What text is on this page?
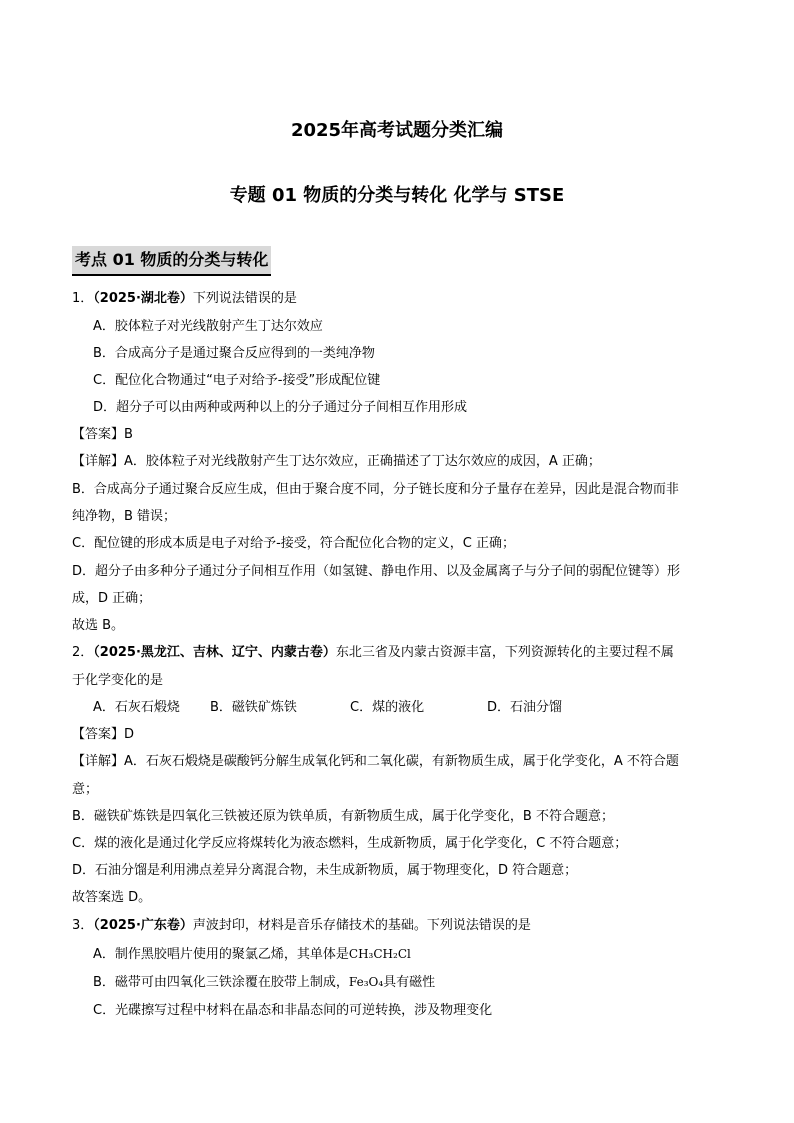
2025年高考试题分类汇编
专题 01 物质的分类与转化 化学与 STSE
考点 01 物质的分类与转化
1．（2025·湖北卷）下列说法错误的是
A．胶体粒子对光线散射产生丁达尔效应
B．合成高分子是通过聚合反应得到的一类纯净物
C．配位化合物通过“电子对给予-接受”形成配位键
D．超分子可以由两种或两种以上的分子通过分子间相互作用形成
【答案】B
【详解】A．胶体粒子对光线散射产生丁达尔效应，正确描述了丁达尔效应的成因，A 正确；
B．合成高分子通过聚合反应生成，但由于聚合度不同，分子链长度和分子量存在差异，因此是混合物而非
纯净物，B 错误；
C．配位键的形成本质是电子对给予-接受，符合配位化合物的定义，C 正确；
D．超分子由多种分子通过分子间相互作用（如氢键、静电作用、以及金属离子与分子间的弱配位键等）形
成，D 正确；
故选 B。
2．（2025·黑龙江、吉林、辽宁、内蒙古卷）东北三省及内蒙古资源丰富，下列资源转化的主要过程不属
于化学变化的是
A．石灰石煅烧 B．磁铁矿炼铁	C．煤的液化	D．石油分馏
【答案】D
【详解】A．石灰石煅烧是碳酸钙分解生成氧化钙和二氧化碳，有新物质生成，属于化学变化，A 不符合题
意；
B．磁铁矿炼铁是四氧化三铁被还原为铁单质，有新物质生成，属于化学变化，B 不符合题意；
C．煤的液化是通过化学反应将煤转化为液态燃料，生成新物质，属于化学变化，C 不符合题意；
D．石油分馏是利用沸点差异分离混合物，未生成新物质，属于物理变化，D 符合题意；
故答案选 D。
3．（2025·广东卷）声波封印，材料是音乐存储技术的基础。下列说法错误的是
A．制作黑胶唱片使用的聚氯乙烯，其单体是CH₃CH₂Cl
B．磁带可由四氧化三铁涂覆在胶带上制成，Fe₃O₄具有磁性
C．光碟擦写过程中材料在晶态和非晶态间的可逆转换，涉及物理变化
